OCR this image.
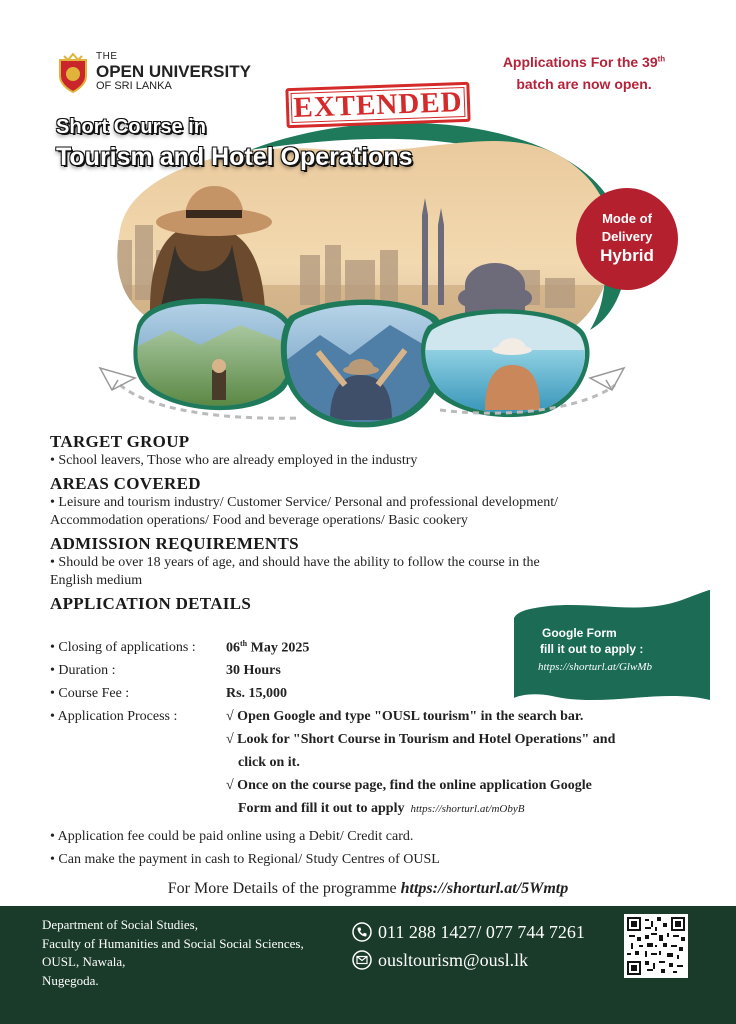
THE
OPEN UNIVERSITY
OF SRI LANKA
Applications For the 39th
batch are now open.
EXTENDED
Short Course in
Tourism and Hotel Operations
Mode of
Delivery
Hybrid
TARGET GROUP
• School leavers, Those who are already employed in the industry
AREAS COVERED
• Leisure and tourism industry/ Customer Service/ Personal and professional development/
Accommodation operations/ Food and beverage operations/ Basic cookery
ADMISSION REQUIREMENTS
• Should be over 18 years of age, and should have the ability to follow the course in the
English medium
APPLICATION DETAILS
Google Form
fill it out to apply :
https://shorturl.at/GlwMb
• Closing of applications :	06th May 2025
• Duration :	30 Hours
• Course Fee :	Rs. 15,000
• Application Process :	√ Open Google and type "OUSL tourism" in the search bar.
√ Look for "Short Course in Tourism and Hotel Operations" and
click on it.
√ Once on the course page, find the online application Google
Form and fill it out to apply https://shorturl.at/mObyB
• Application fee could be paid online using a Debit/ Credit card.
• Can make the payment in cash to Regional/ Study Centres of OUSL
For More Details of the programme https://shorturl.at/5Wmtp
Department of Social Studies,
Faculty of Humanities and Social Social Sciences,
OUSL, Nawala,
Nugegoda.
011 288 1427/ 077 744 7261
ousltourism@ousl.lk
